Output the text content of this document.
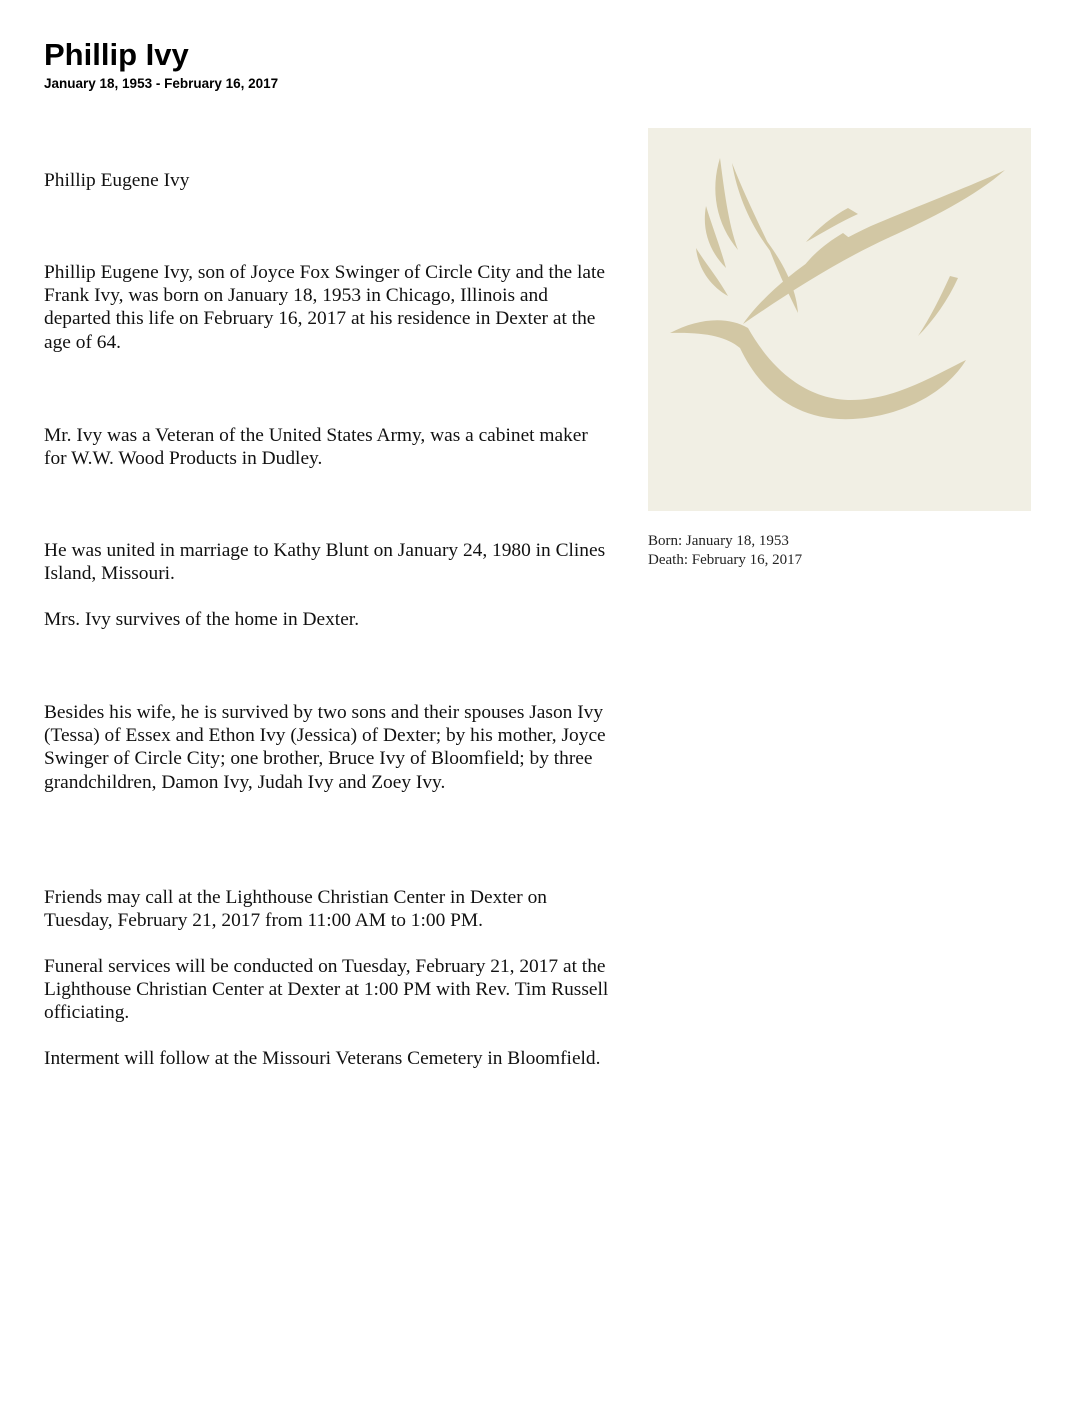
Phillip Ivy

January 18, 1953 - February 16, 2017

Phillip Eugene Ivy

Phillip Eugene Ivy, son of Joyce Fox Swinger of Circle City and the late Frank Ivy, was born on January 18, 1953 in Chicago, Illinois and departed this life on February 16, 2017 at his residence in Dexter at the age of 64.

Mr. Ivy was a Veteran of the United States Army, was a cabinet maker for W.W. Wood Products in Dudley.

He was united in marriage to Kathy Blunt on January 24, 1980 in Clines Island, Missouri.

Mrs. Ivy survives of the home in Dexter.

Besides his wife, he is survived by two sons and their spouses Jason Ivy (Tessa) of Essex and Ethon Ivy (Jessica) of Dexter; by his mother, Joyce Swinger of Circle City; one brother, Bruce Ivy of Bloomfield; by three grandchildren, Damon Ivy, Judah Ivy and Zoey Ivy.

Friends may call at the Lighthouse Christian Center in Dexter on Tuesday, February 21, 2017 from 11:00 AM to 1:00 PM.

Funeral services will be conducted on Tuesday, February 21, 2017 at the Lighthouse Christian Center at Dexter at 1:00 PM with Rev. Tim Russell officiating.

Interment will follow at the Missouri Veterans Cemetery in Bloomfield.

Born: January 18, 1953
Death: February 16, 2017
